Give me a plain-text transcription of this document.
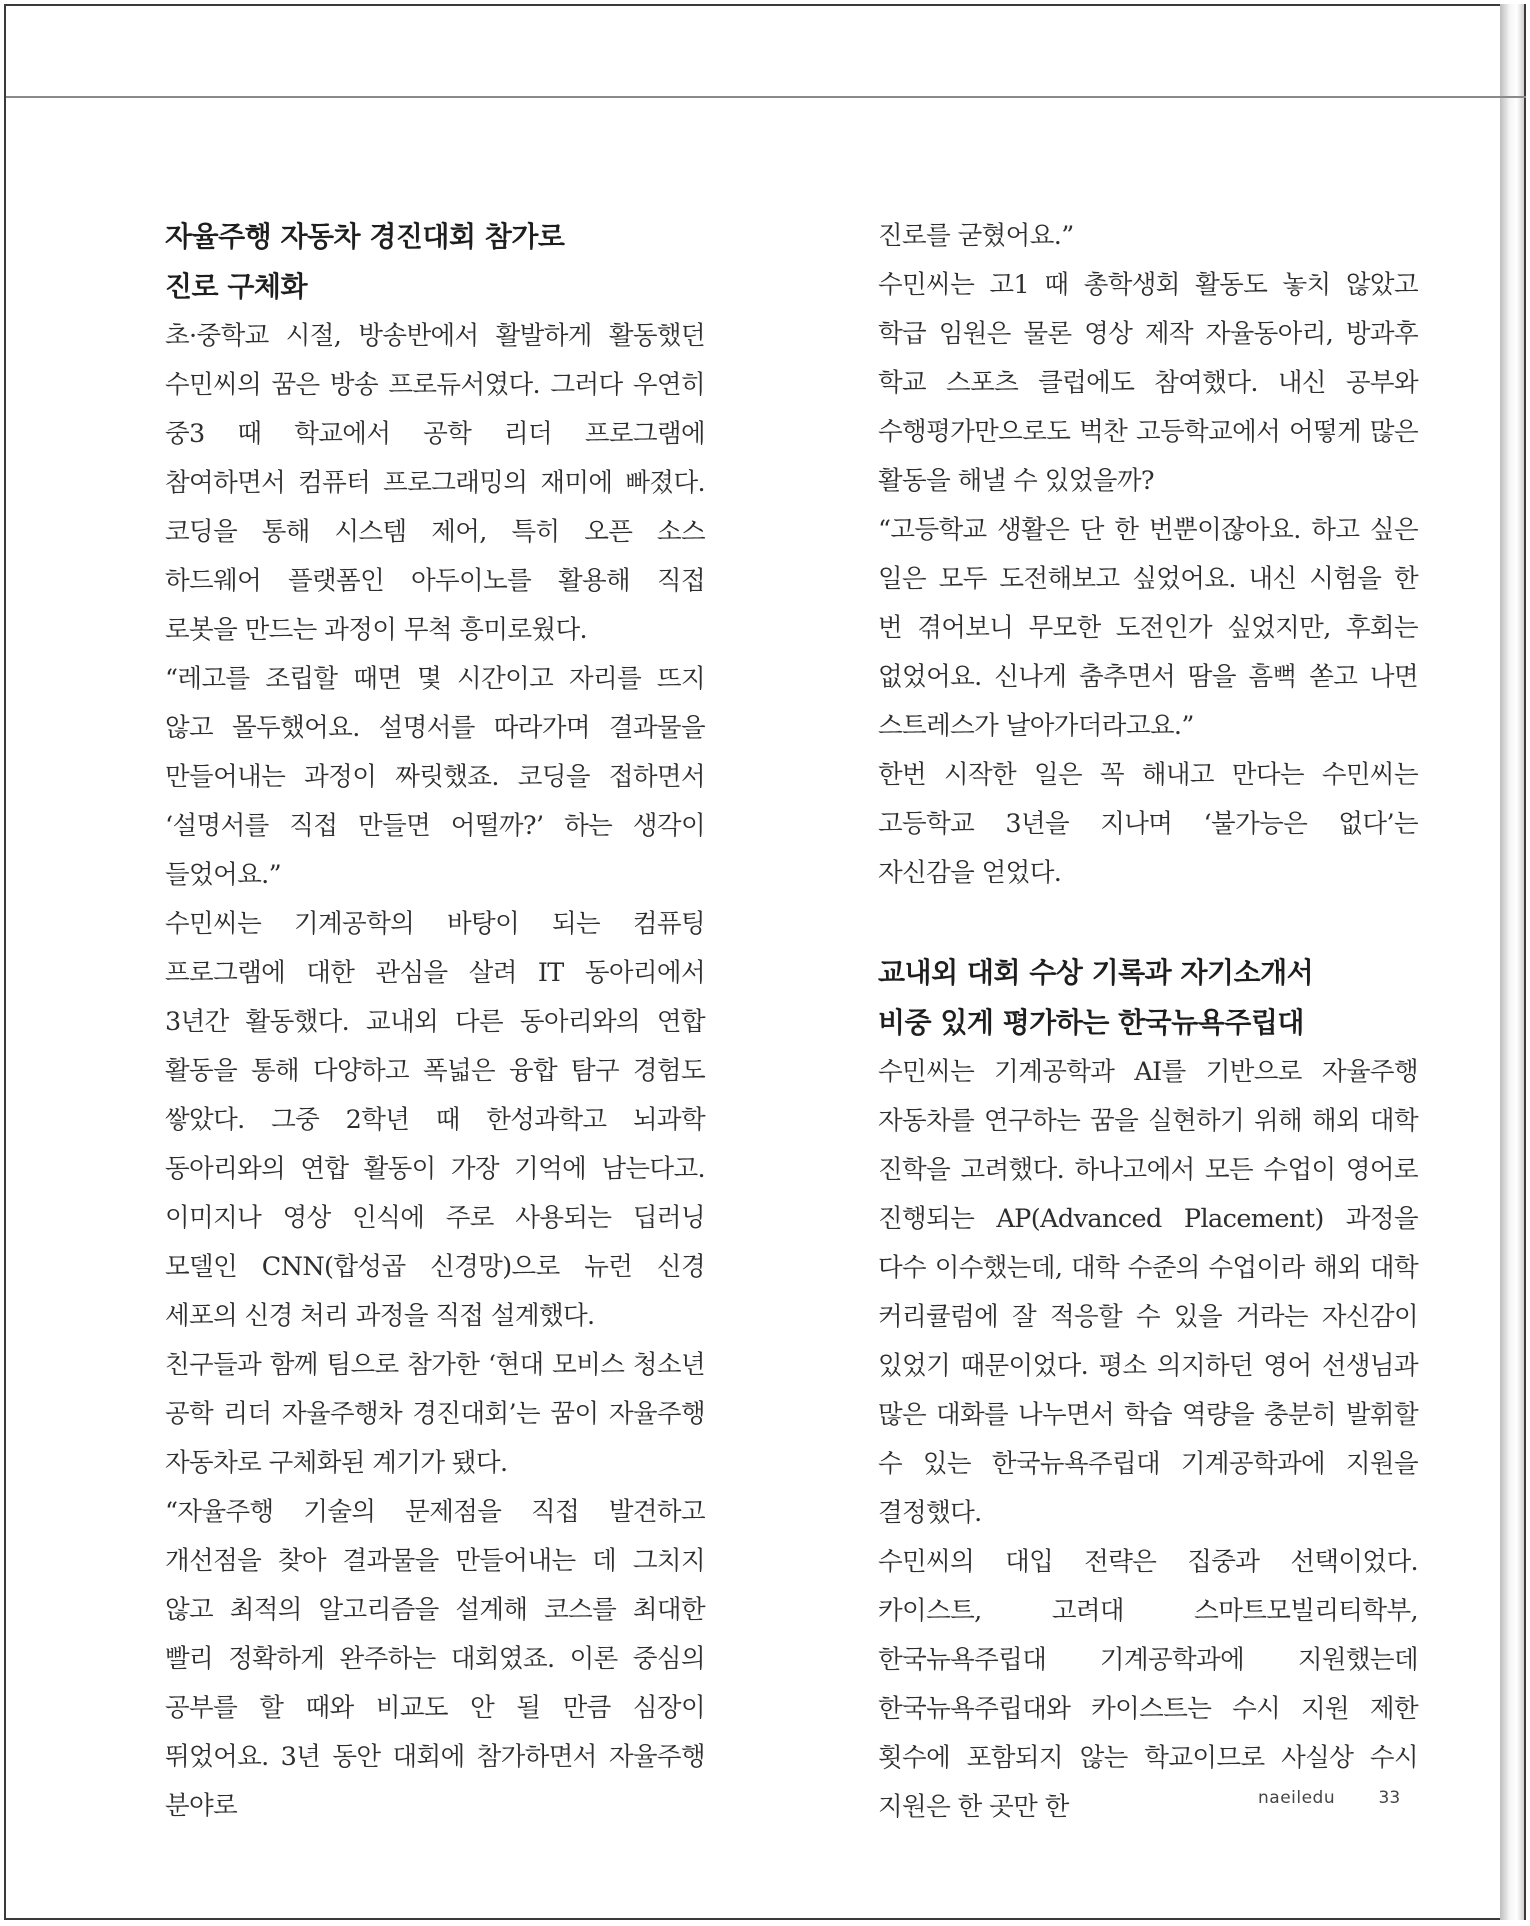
자율주행 자동차 경진대회 참가로

진로 구체화

초·중학교 시절, 방송반에서 활발하게 활동했던 수민씨의 꿈은 방송 프로듀서였다. 그러다 우연히 중3 때 학교에서 공학 리더 프로그램에 참여하면서 컴퓨터 프로그래밍의 재미에 빠졌다. 코딩을 통해 시스템 제어, 특히 오픈 소스 하드웨어 플랫폼인 아두이노를 활용해 직접 로봇을 만드는 과정이 무척 흥미로웠다.

“레고를 조립할 때면 몇 시간이고 자리를 뜨지 않고 몰두했어요. 설명서를 따라가며 결과물을 만들어내는 과정이 짜릿했죠. 코딩을 접하면서 ‘설명서를 직접 만들면 어떨까?’ 하는 생각이 들었어요.”

수민씨는 기계공학의 바탕이 되는 컴퓨팅 프로그램에 대한 관심을 살려 IT 동아리에서 3년간 활동했다. 교내외 다른 동아리와의 연합 활동을 통해 다양하고 폭넓은 융합 탐구 경험도 쌓았다. 그중 2학년 때 한성과학고 뇌과학 동아리와의 연합 활동이 가장 기억에 남는다고. 이미지나 영상 인식에 주로 사용되는 딥러닝 모델인 CNN(합성곱 신경망)으로 뉴런 신경 세포의 신경 처리 과정을 직접 설계했다.

친구들과 함께 팀으로 참가한 ‘현대 모비스 청소년 공학 리더 자율주행차 경진대회’는 꿈이 자율주행 자동차로 구체화된 계기가 됐다.

“자율주행 기술의 문제점을 직접 발견하고 개선점을 찾아 결과물을 만들어내는 데 그치지 않고 최적의 알고리즘을 설계해 코스를 최대한 빨리 정확하게 완주하는 대회였죠. 이론 중심의 공부를 할 때와 비교도 안 될 만큼 심장이 뛰었어요. 3년 동안 대회에 참가하면서 자율주행 분야로

진로를 굳혔어요.”

수민씨는 고1 때 총학생회 활동도 놓치 않았고 학급 임원은 물론 영상 제작 자율동아리, 방과후 학교 스포츠 클럽에도 참여했다. 내신 공부와 수행평가만으로도 벅찬 고등학교에서 어떻게 많은 활동을 해낼 수 있었을까?

“고등학교 생활은 단 한 번뿐이잖아요. 하고 싶은 일은 모두 도전해보고 싶었어요. 내신 시험을 한 번 겪어보니 무모한 도전인가 싶었지만, 후회는 없었어요. 신나게 춤추면서 땀을 흠뻑 쏟고 나면 스트레스가 날아가더라고요.”

한번 시작한 일은 꼭 해내고 만다는 수민씨는 고등학교 3년을 지나며 ‘불가능은 없다’는 자신감을 얻었다.

교내외 대회 수상 기록과 자기소개서

비중 있게 평가하는 한국뉴욕주립대

수민씨는 기계공학과 AI를 기반으로 자율주행 자동차를 연구하는 꿈을 실현하기 위해 해외 대학 진학을 고려했다. 하나고에서 모든 수업이 영어로 진행되는 AP(Advanced Placement) 과정을 다수 이수했는데, 대학 수준의 수업이라 해외 대학 커리큘럼에 잘 적응할 수 있을 거라는 자신감이 있었기 때문이었다. 평소 의지하던 영어 선생님과 많은 대화를 나누면서 학습 역량을 충분히 발휘할 수 있는 한국뉴욕주립대 기계공학과에 지원을 결정했다.

수민씨의 대입 전략은 집중과 선택이었다. 카이스트, 고려대 스마트모빌리티학부, 한국뉴욕주립대 기계공학과에 지원했는데 한국뉴욕주립대와 카이스트는 수시 지원 제한 횟수에 포함되지 않는 학교이므로 사실상 수시 지원은 한 곳만 한	naeiledu	33
